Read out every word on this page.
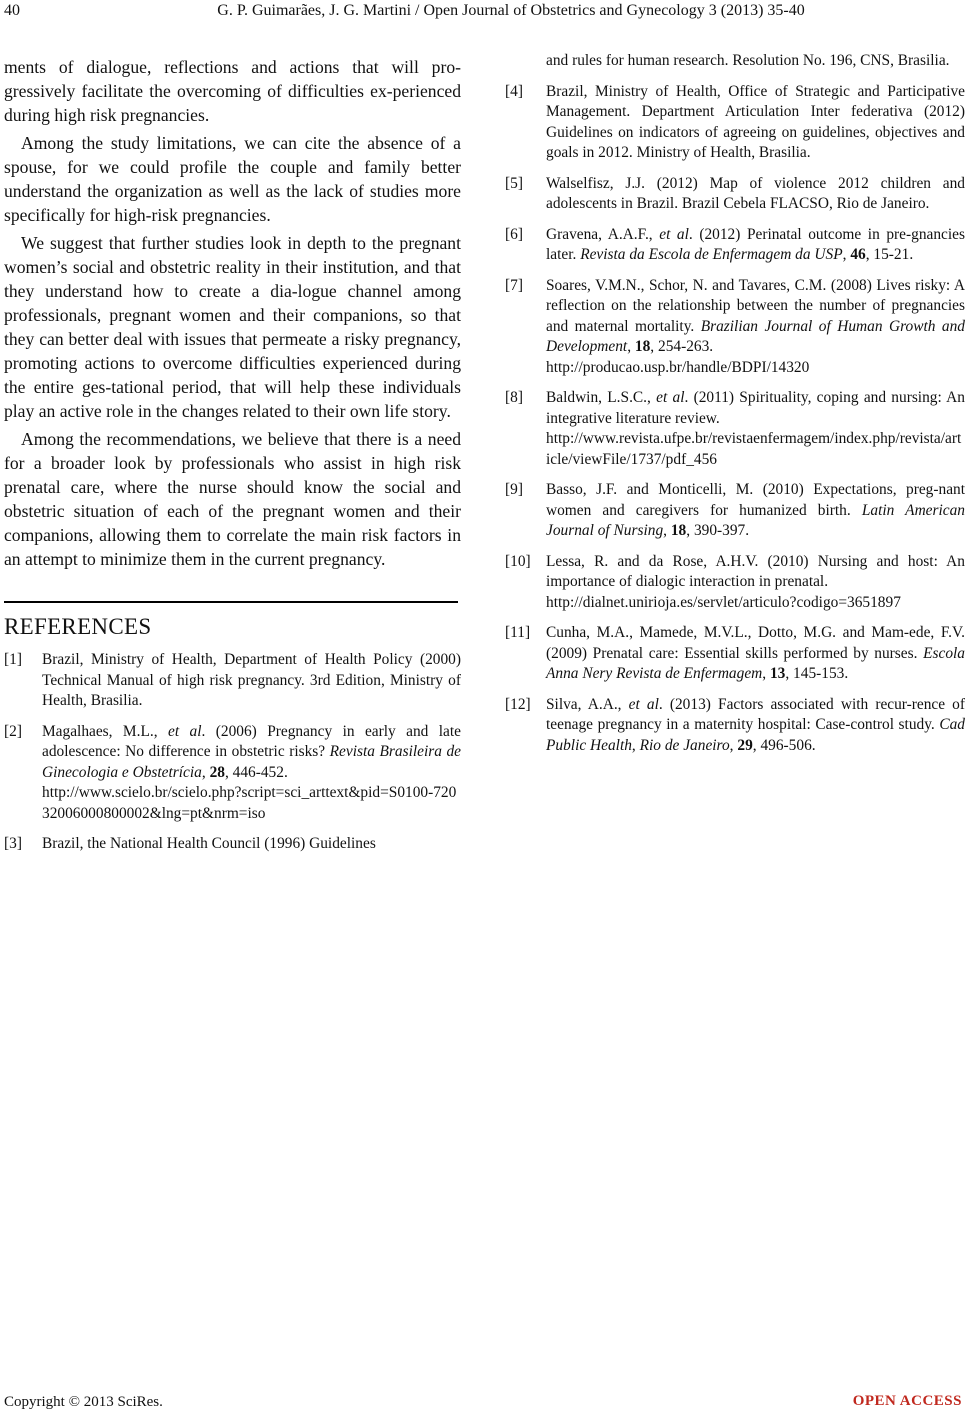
40	G. P. Guimarães, J. G. Martini / Open Journal of Obstetrics and Gynecology 3 (2013) 35-40

ments of dialogue, reflections and actions that will pro-gressively facilitate the overcoming of difficulties ex-perienced during high risk pregnancies.

Among the study limitations, we can cite the absence of a spouse, for we could profile the couple and family better understand the organization as well as the lack of studies more specifically for high-risk pregnancies.

We suggest that further studies look in depth to the pregnant women’s social and obstetric reality in their institution, and that they understand how to create a dia-logue channel among professionals, pregnant women and their companions, so that they can better deal with issues that permeate a risky pregnancy, promoting actions to overcome difficulties experienced during the entire ges-tational period, that will help these individuals play an active role in the changes related to their own life story.

Among the recommendations, we believe that there is a need for a broader look by professionals who assist in high risk prenatal care, where the nurse should know the social and obstetric situation of each of the pregnant women and their companions, allowing them to correlate the main risk factors in an attempt to minimize them in the current pregnancy.

REFERENCES
[1]	Brazil, Ministry of Health, Department of Health Policy (2000) Technical Manual of high risk pregnancy. 3rd Edition, Ministry of Health, Brasilia.
[2]	Magalhaes, M.L., et al. (2006) Pregnancy in early and late adolescence: No difference in obstetric risks? Revista Brasileira de Ginecologia e Obstetrícia, 28, 446-452.
http://www.scielo.br/scielo.php?script=sci_arttext&pid=S0100-72032006000800002&lng=pt&nrm=iso
[3]	Brazil, the National Health Council (1996) Guidelines
and rules for human research. Resolution No. 196, CNS, Brasilia.
[4]	Brazil, Ministry of Health, Office of Strategic and Participative Management. Department Articulation Inter federativa (2012) Guidelines on indicators of agreeing on guidelines, objectives and goals in 2012. Ministry of Health, Brasilia.
[5]	Walselfisz, J.J. (2012) Map of violence 2012 children and adolescents in Brazil. Brazil Cebela FLACSO, Rio de Janeiro.
[6]	Gravena, A.A.F., et al. (2012) Perinatal outcome in pre-gnancies later. Revista da Escola de Enfermagem da USP, 46, 15-21.
[7]	Soares, V.M.N., Schor, N. and Tavares, C.M. (2008) Lives risky: A reflection on the relationship between the number of pregnancies and maternal mortality. Brazilian Journal of Human Growth and Development, 18, 254-263.
http://producao.usp.br/handle/BDPI/14320
[8]	Baldwin, L.S.C., et al. (2011) Spirituality, coping and nursing: An integrative literature review.
http://www.revista.ufpe.br/revistaenfermagem/index.php/revista/article/viewFile/1737/pdf_456
[9]	Basso, J.F. and Monticelli, M. (2010) Expectations, preg-nant women and caregivers for humanized birth. Latin American Journal of Nursing, 18, 390-397.
[10] Lessa, R. and da Rose, A.H.V. (2010) Nursing and host: An importance of dialogic interaction in prenatal.
http://dialnet.unirioja.es/servlet/articulo?codigo=3651897
[11]	Cunha, M.A., Mamede, M.V.L., Dotto, M.G. and Mam-ede, F.V. (2009) Prenatal care: Essential skills performed by nurses. Escola Anna Nery Revista de Enfermagem, 13, 145-153.
[12] Silva, A.A., et al. (2013) Factors associated with recur-rence of teenage pregnancy in a maternity hospital: Case-control study. Cad Public Health, Rio de Janeiro, 29, 496-506.
Copyright © 2013 SciRes.	OPEN ACCESS
